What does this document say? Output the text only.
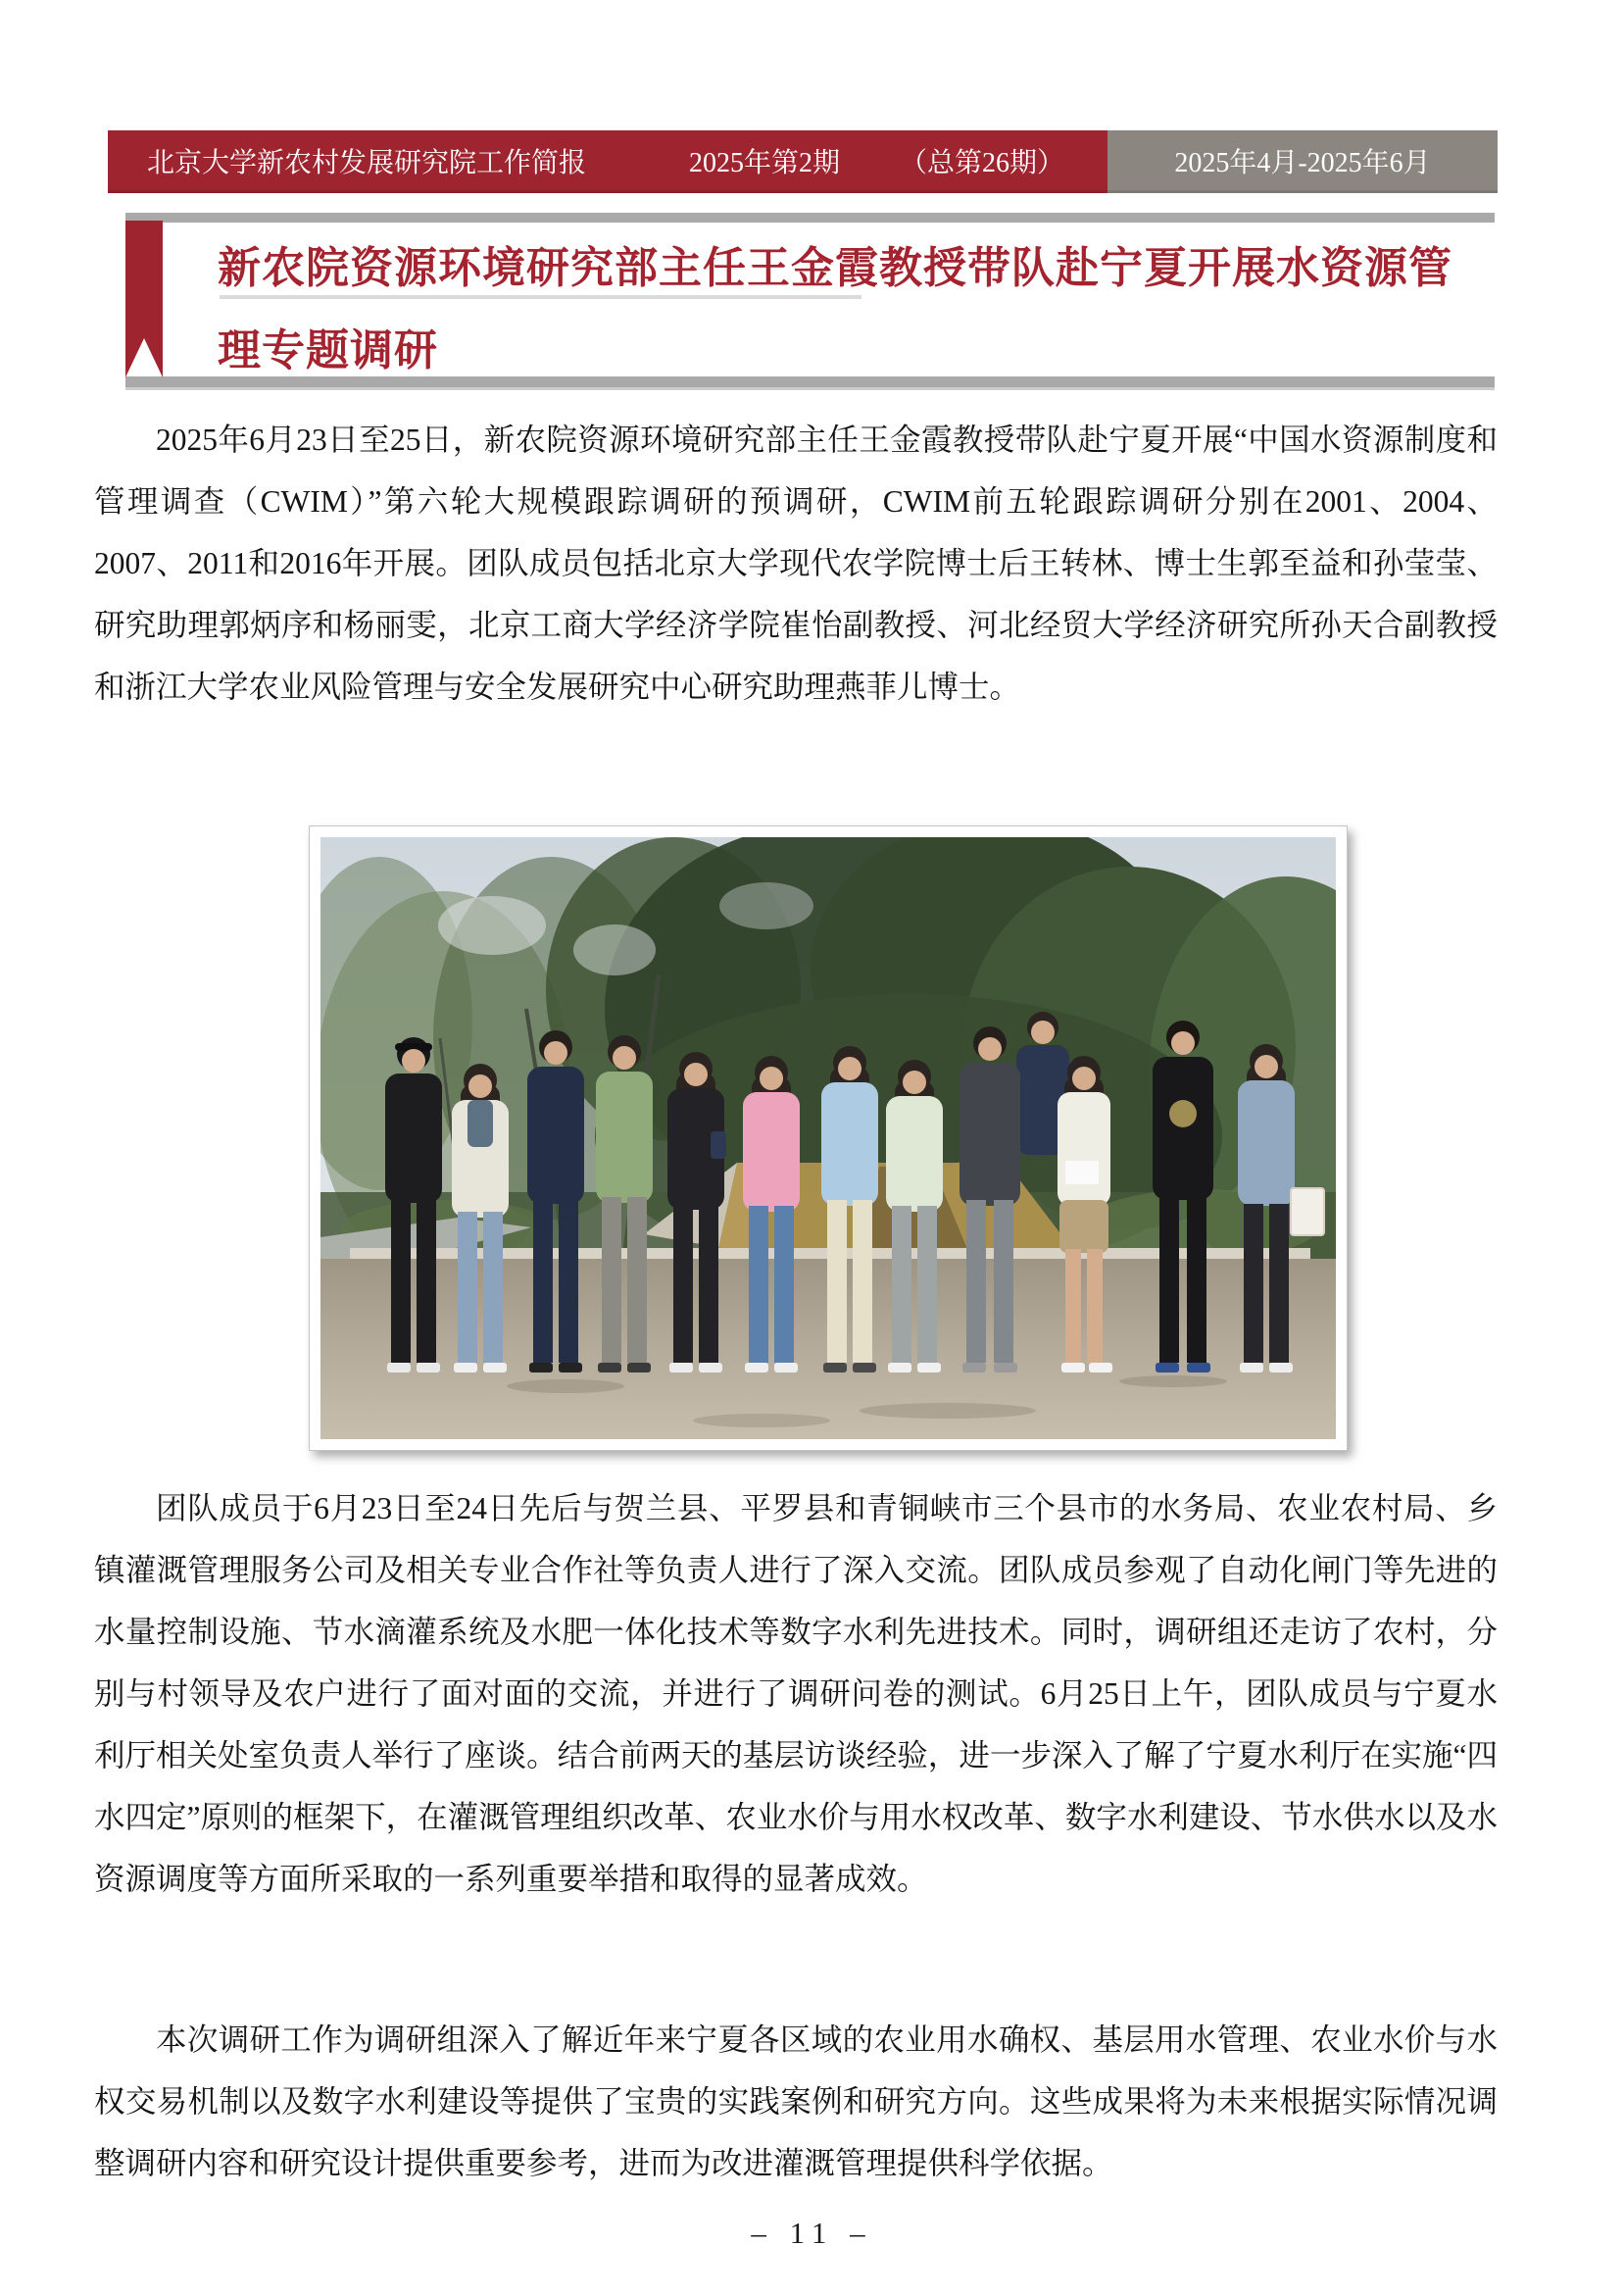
北京大学新农村发展研究院工作简报	2025年第2期 （总第26期）	2025年4月-2025年6月
新农院资源环境研究部主任王金霞教授带队赴宁夏开展水资源管理专题调研

2025年6月23日至25日，新农院资源环境研究部主任王金霞教授带队赴宁夏开展“中国水资源制度和管理调查（CWIM）”第六轮大规模跟踪调研的预调研，CWIM前五轮跟踪调研分别在2001、2004、2007、2011和2016年开展。团队成员包括北京大学现代农学院博士后王转林、博士生郭至益和孙莹莹、研究助理郭炳序和杨丽雯，北京工商大学经济学院崔怡副教授、河北经贸大学经济研究所孙天合副教授和浙江大学农业风险管理与安全发展研究中心研究助理燕菲儿博士。

团队成员于6月23日至24日先后与贺兰县、平罗县和青铜峡市三个县市的水务局、农业农村局、乡镇灌溉管理服务公司及相关专业合作社等负责人进行了深入交流。团队成员参观了自动化闸门等先进的水量控制设施、节水滴灌系统及水肥一体化技术等数字水利先进技术。同时，调研组还走访了农村，分别与村领导及农户进行了面对面的交流，并进行了调研问卷的测试。6月25日上午，团队成员与宁夏水利厅相关处室负责人举行了座谈。结合前两天的基层访谈经验，进一步深入了解了宁夏水利厅在实施“四水四定”原则的框架下，在灌溉管理组织改革、农业水价与用水权改革、数字水利建设、节水供水以及水资源调度等方面所采取的一系列重要举措和取得的显著成效。

本次调研工作为调研组深入了解近年来宁夏各区域的农业用水确权、基层用水管理、农业水价与水权交易机制以及数字水利建设等提供了宝贵的实践案例和研究方向。这些成果将为未来根据实际情况调整调研内容和研究设计提供重要参考，进而为改进灌溉管理提供科学依据。

– 11 –
